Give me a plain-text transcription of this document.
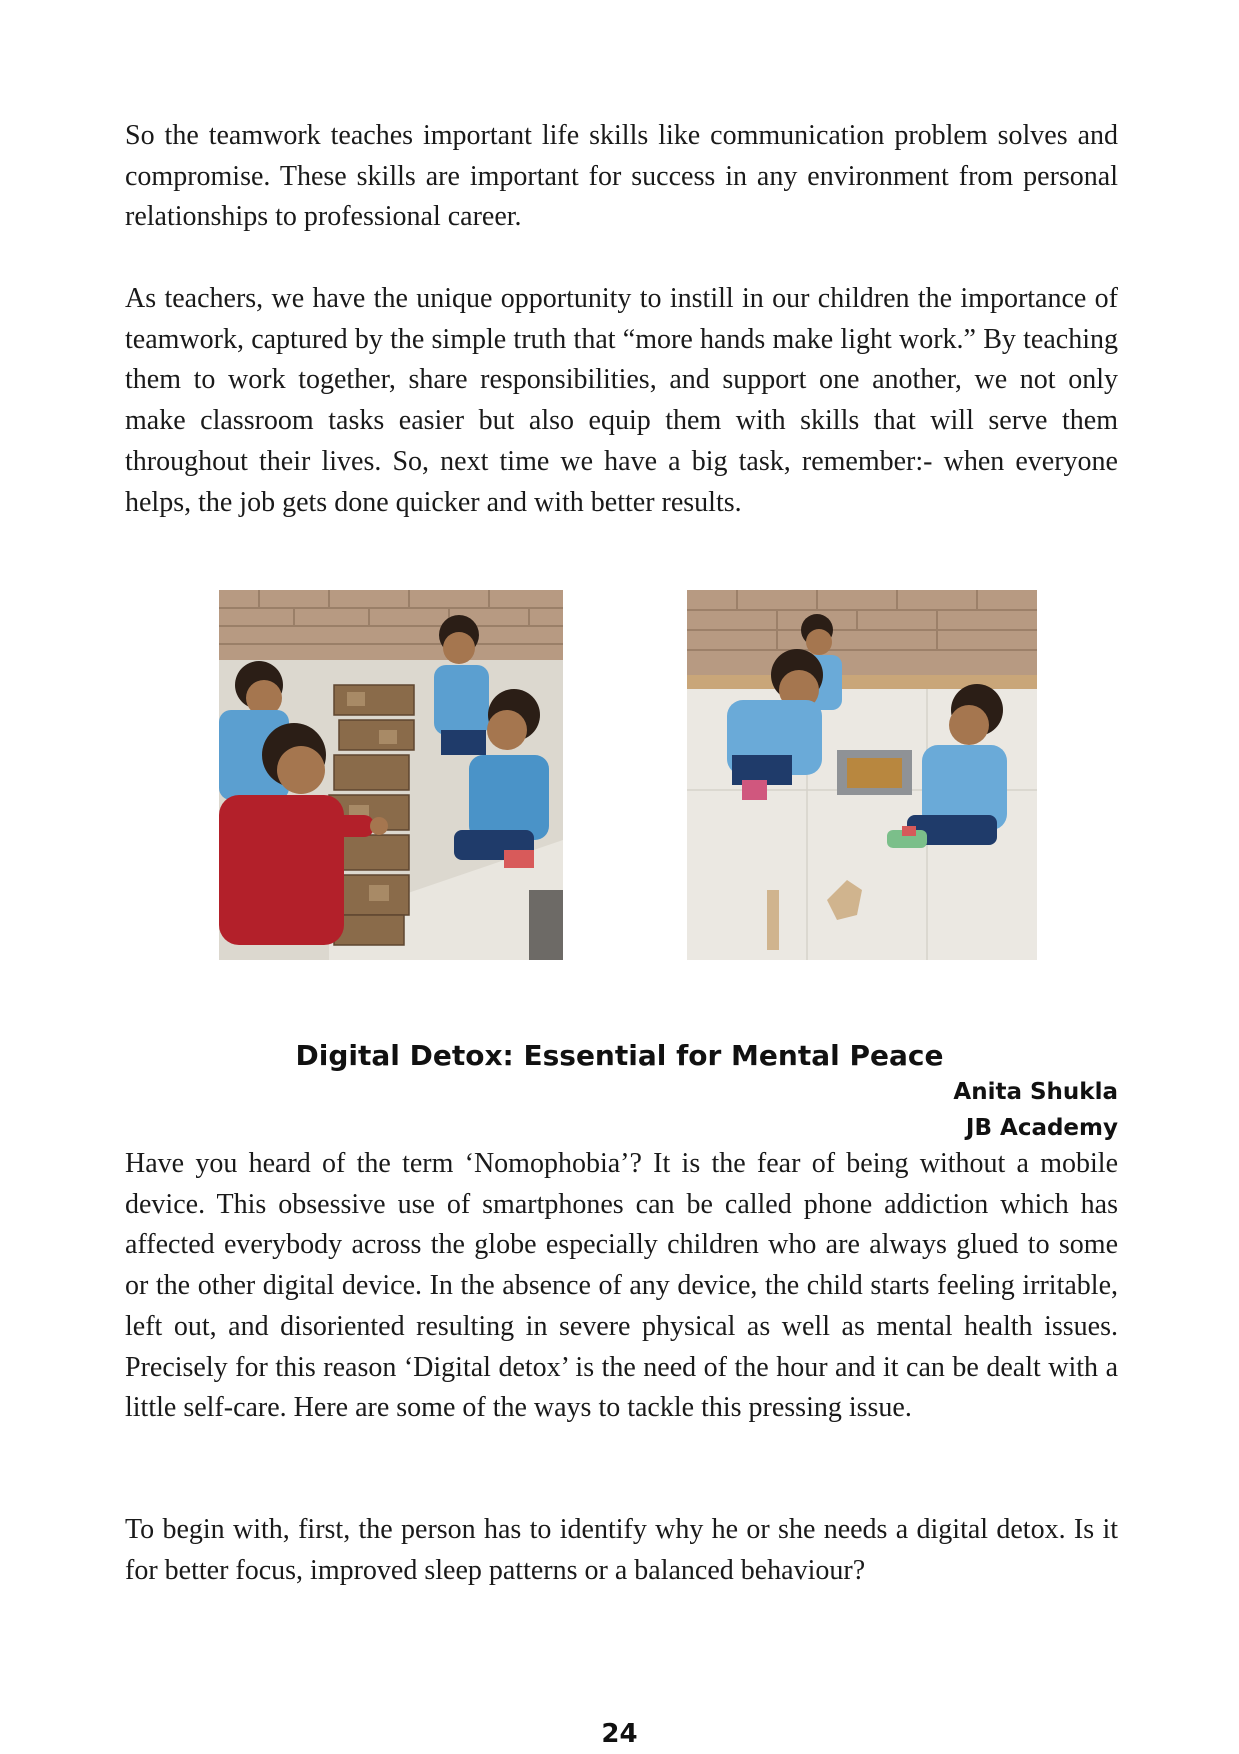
So the teamwork teaches important life skills like communication problem solves and compromise. These skills are important for success in any environment from personal relationships to professional career.

As teachers, we have the unique opportunity to instill in our children the importance of teamwork, captured by the simple truth that “more hands make light work.” By teaching them to work together, share responsibilities, and support one another, we not only make classroom tasks easier but also equip them with skills that will serve them throughout their lives. So, next time we have a big task, remember:- when everyone helps, the job gets done quicker and with better results.

Digital Detox: Essential for Mental Peace
Anita Shukla
JB Academy

Have you heard of the term ‘Nomophobia’? It is the fear of being without a mobile device. This obsessive use of smartphones can be called phone addiction which has affected everybody across the globe especially children who are always glued to some or the other digital device. In the absence of any device, the child starts feeling irritable, left out, and disoriented resulting in severe physical as well as mental health issues. Precisely for this reason ‘Digital detox’ is the need of the hour and it can be dealt with a little self-care. Here are some of the ways to tackle this pressing issue.

To begin with, first, the person has to identify why he or she needs a digital detox. Is it for better focus, improved sleep patterns or a balanced behaviour?

24
